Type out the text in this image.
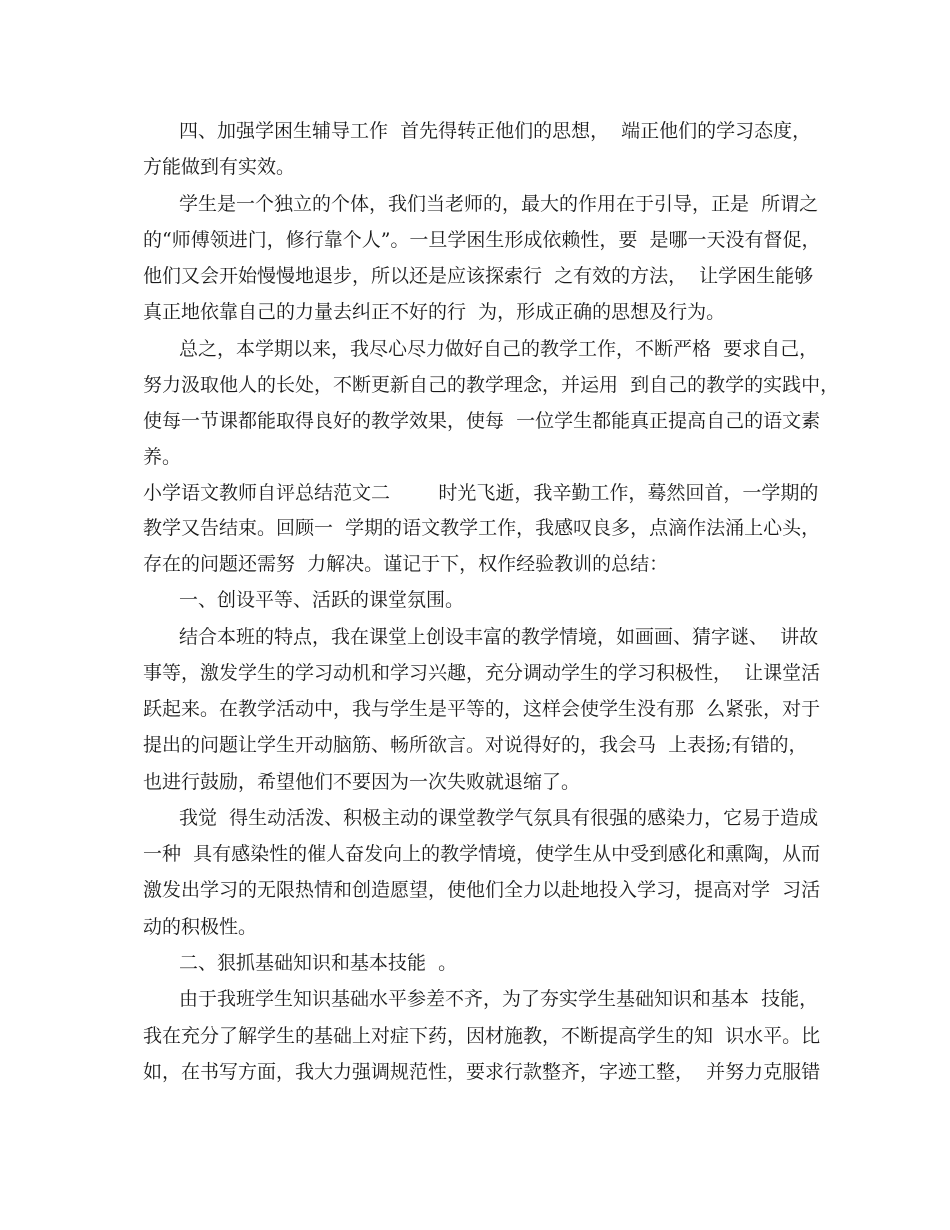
四、加强学困生辅导工作  首先得转正他们的思想，  端正他们的学习态度，
方能做到有实效。
学生是一个独立的个体，我们当老师的，最大的作用在于引导，正是  所谓之
的“师傅领进门，修行靠个人”。一旦学困生形成依赖性，要  是哪一天没有督促，
他们又会开始慢慢地退步，所以还是应该探索行  之有效的方法，  让学困生能够
真正地依靠自己的力量去纠正不好的行  为，形成正确的思想及行为。
总之，本学期以来，我尽心尽力做好自己的教学工作，不断严格  要求自己，
努力汲取他人的长处，不断更新自己的教学理念，并运用  到自己的教学的实践中，
使每一节课都能取得良好的教学效果，使每  一位学生都能真正提高自己的语文素
养。
小学语文教师自评总结范文二        时光飞逝，我辛勤工作，蓦然回首，一学期的
教学又告结束。回顾一  学期的语文教学工作，我感叹良多，点滴作法涌上心头，
存在的问题还需努  力解决。谨记于下，权作经验教训的总结：
一、创设平等、活跃的课堂氛围。
结合本班的特点，我在课堂上创设丰富的教学情境，如画画、猜字谜、  讲故
事等，激发学生的学习动机和学习兴趣，充分调动学生的学习积极性，  让课堂活
跃起来。在教学活动中，我与学生是平等的，这样会使学生没有那  么紧张，对于
提出的问题让学生开动脑筋、畅所欲言。对说得好的，我会马  上表扬;有错的，
也进行鼓励，希望他们不要因为一次失败就退缩了。
我觉  得生动活泼、积极主动的课堂教学气氛具有很强的感染力，它易于造成
一种  具有感染性的催人奋发向上的教学情境，使学生从中受到感化和熏陶，从而
激发出学习的无限热情和创造愿望，使他们全力以赴地投入学习，提高对学  习活
动的积极性。
二、狠抓基础知识和基本技能  。
由于我班学生知识基础水平参差不齐，为了夯实学生基础知识和基本  技能，
我在充分了解学生的基础上对症下药，因材施教，不断提高学生的知  识水平。比
如，在书写方面，我大力强调规范性，要求行款整齐，字迹工整，  并努力克服错
